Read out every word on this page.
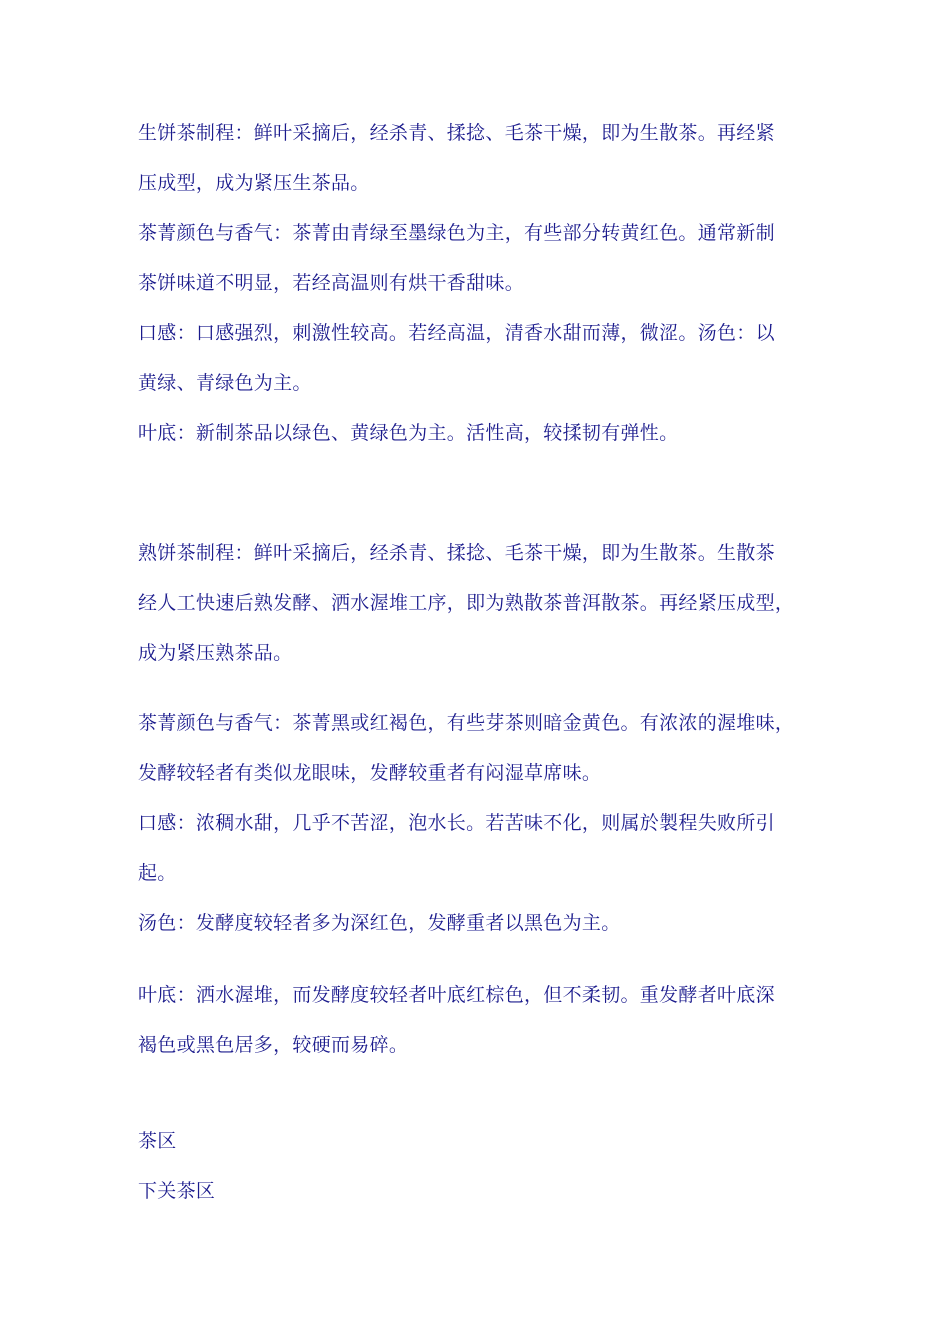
生饼茶制程：鲜叶采摘后，经杀青、揉捻、毛茶干燥，即为生散茶。再经紧
压成型，成为紧压生茶品。
茶菁颜色与香气：茶菁由青绿至墨绿色为主，有些部分转黄红色。通常新制
茶饼味道不明显，若经高温则有烘干香甜味。
口感：口感强烈，刺激性较高。若经高温，清香水甜而薄，微涩。汤色：以
黄绿、青绿色为主。
叶底：新制茶品以绿色、黄绿色为主。活性高，较揉韧有弹性。
熟饼茶制程：鲜叶采摘后，经杀青、揉捻、毛茶干燥，即为生散茶。生散茶
经人工快速后熟发酵、洒水渥堆工序，即为熟散茶普洱散茶。再经紧压成型，
成为紧压熟茶品。
茶菁颜色与香气：茶菁黑或红褐色，有些芽茶则暗金黄色。有浓浓的渥堆味，
发酵较轻者有类似龙眼味，发酵较重者有闷湿草席味。
口感：浓稠水甜，几乎不苦涩，泡水长。若苦味不化，则属於製程失败所引
起。
汤色：发酵度较轻者多为深红色，发酵重者以黑色为主。
叶底：洒水渥堆，而发酵度较轻者叶底红棕色，但不柔韧。重发酵者叶底深
褐色或黑色居多，较硬而易碎。
茶区
下关茶区
